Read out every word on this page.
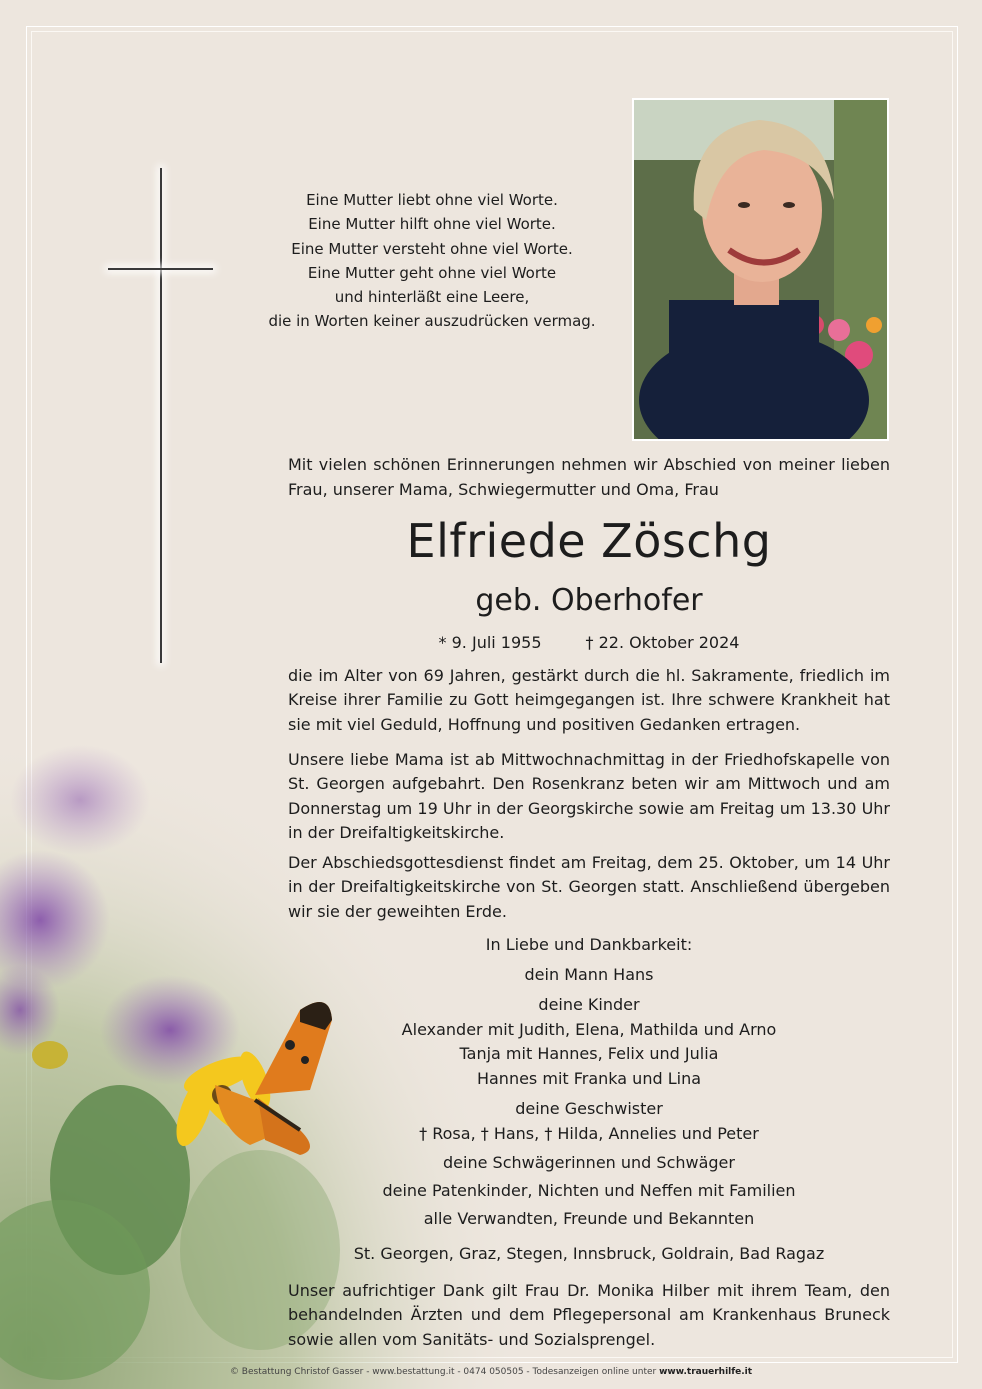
Eine Mutter liebt ohne viel Worte.
Eine Mutter hilft ohne viel Worte.
Eine Mutter versteht ohne viel Worte.
Eine Mutter geht ohne viel Worte
und hinterläßt eine Leere,
die in Worten keiner auszudrücken vermag.
Mit vielen schönen Erinnerungen nehmen wir Abschied von meiner lieben Frau, unserer Mama, Schwiegermutter und Oma, Frau
Elfriede Zöschg
geb. Oberhofer
* 9. Juli 1955	† 22. Oktober 2024
die im Alter von 69 Jahren, gestärkt durch die hl. Sakramente, friedlich im Kreise ihrer Familie zu Gott heimgegangen ist. Ihre schwere Krankheit hat sie mit viel Geduld, Hoffnung und positiven Gedanken ertragen.
Unsere liebe Mama ist ab Mittwochnachmittag in der Friedhofskapelle von St. Georgen aufgebahrt. Den Rosenkranz beten wir am Mittwoch und am Donnerstag um 19 Uhr in der Georgskirche sowie am Freitag um 13.30 Uhr in der Dreifaltigkeitskirche.
Der Abschiedsgottesdienst findet am Freitag, dem 25. Oktober, um 14 Uhr in der Dreifaltigkeitskirche von St. Georgen statt. Anschließend übergeben wir sie der geweihten Erde.
In Liebe und Dankbarkeit:
dein Mann Hans
deine Kinder
Alexander mit Judith, Elena, Mathilda und Arno
Tanja mit Hannes, Felix und Julia
Hannes mit Franka und Lina
deine Geschwister
† Rosa, † Hans, † Hilda, Annelies und Peter
deine Schwägerinnen und Schwäger
deine Patenkinder, Nichten und Neffen mit Familien
alle Verwandten, Freunde und Bekannten
St. Georgen, Graz, Stegen, Innsbruck, Goldrain, Bad Ragaz
Unser aufrichtiger Dank gilt Frau Dr. Monika Hilber mit ihrem Team, den behandelnden Ärzten und dem Pflegepersonal am Krankenhaus Bruneck sowie allen vom Sanitäts- und Sozialsprengel.
© Bestattung Christof Gasser - www.bestattung.it - 0474 050505 - Todesanzeigen online unter www.trauerhilfe.it
